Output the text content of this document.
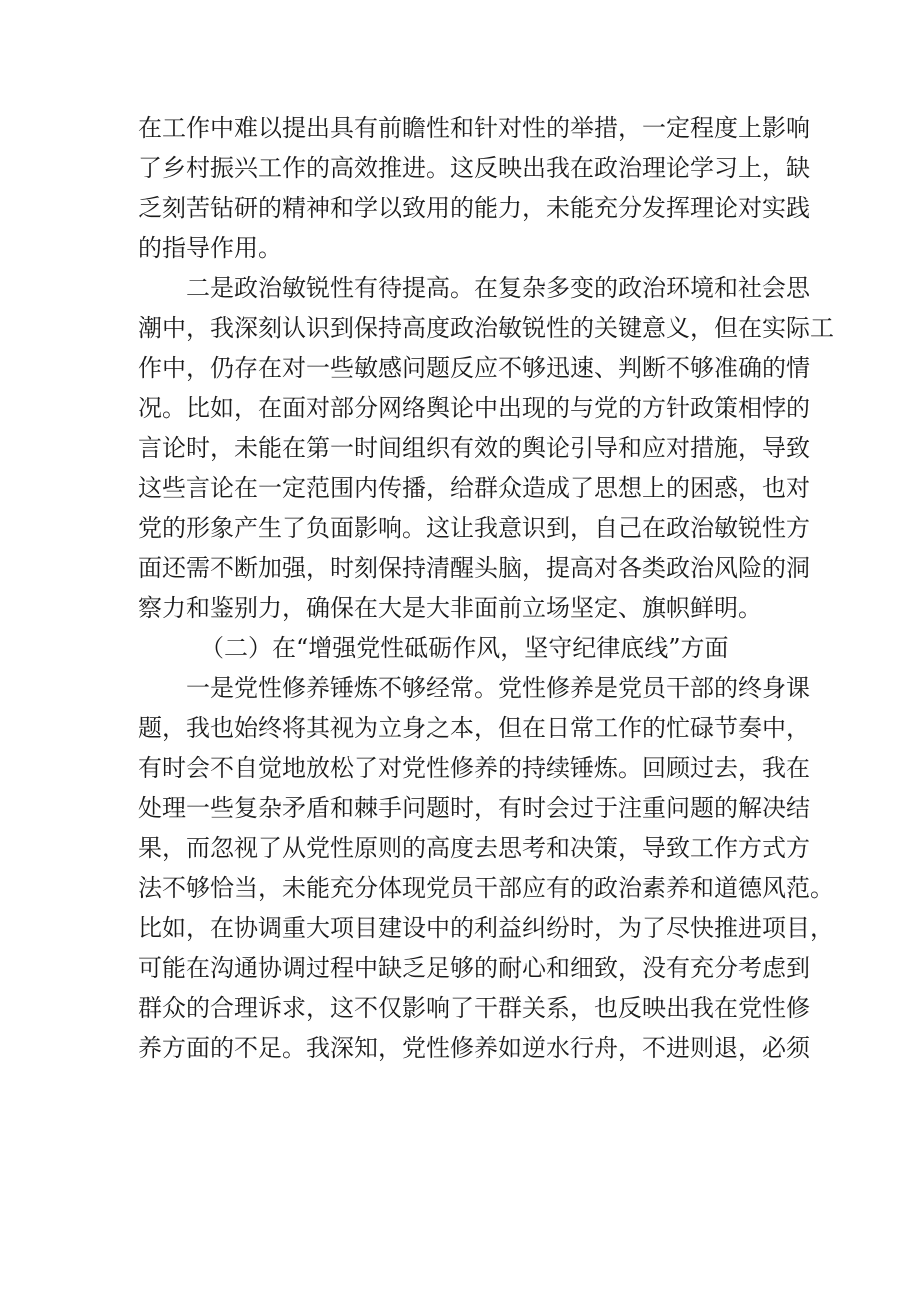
在工作中难以提出具有前瞻性和针对性的举措，一定程度上影响
了乡村振兴工作的高效推进。这反映出我在政治理论学习上，缺
乏刻苦钻研的精神和学以致用的能力，未能充分发挥理论对实践
的指导作用。
二是政治敏锐性有待提高。在复杂多变的政治环境和社会思
潮中，我深刻认识到保持高度政治敏锐性的关键意义，但在实际工
作中，仍存在对一些敏感问题反应不够迅速、判断不够准确的情
况。比如，在面对部分网络舆论中出现的与党的方针政策相悖的
言论时，未能在第一时间组织有效的舆论引导和应对措施，导致
这些言论在一定范围内传播，给群众造成了思想上的困惑，也对
党的形象产生了负面影响。这让我意识到，自己在政治敏锐性方
面还需不断加强，时刻保持清醒头脑，提高对各类政治风险的洞
察力和鉴别力，确保在大是大非面前立场坚定、旗帜鲜明。
（二）在“增强党性砥砺作风，坚守纪律底线”方面
一是党性修养锤炼不够经常。党性修养是党员干部的终身课
题，我也始终将其视为立身之本，但在日常工作的忙碌节奏中，
有时会不自觉地放松了对党性修养的持续锤炼。回顾过去，我在
处理一些复杂矛盾和棘手问题时，有时会过于注重问题的解决结
果，而忽视了从党性原则的高度去思考和决策，导致工作方式方
法不够恰当，未能充分体现党员干部应有的政治素养和道德风范。
比如，在协调重大项目建设中的利益纠纷时，为了尽快推进项目，
可能在沟通协调过程中缺乏足够的耐心和细致，没有充分考虑到
群众的合理诉求，这不仅影响了干群关系，也反映出我在党性修
养方面的不足。我深知，党性修养如逆水行舟，不进则退，必须
